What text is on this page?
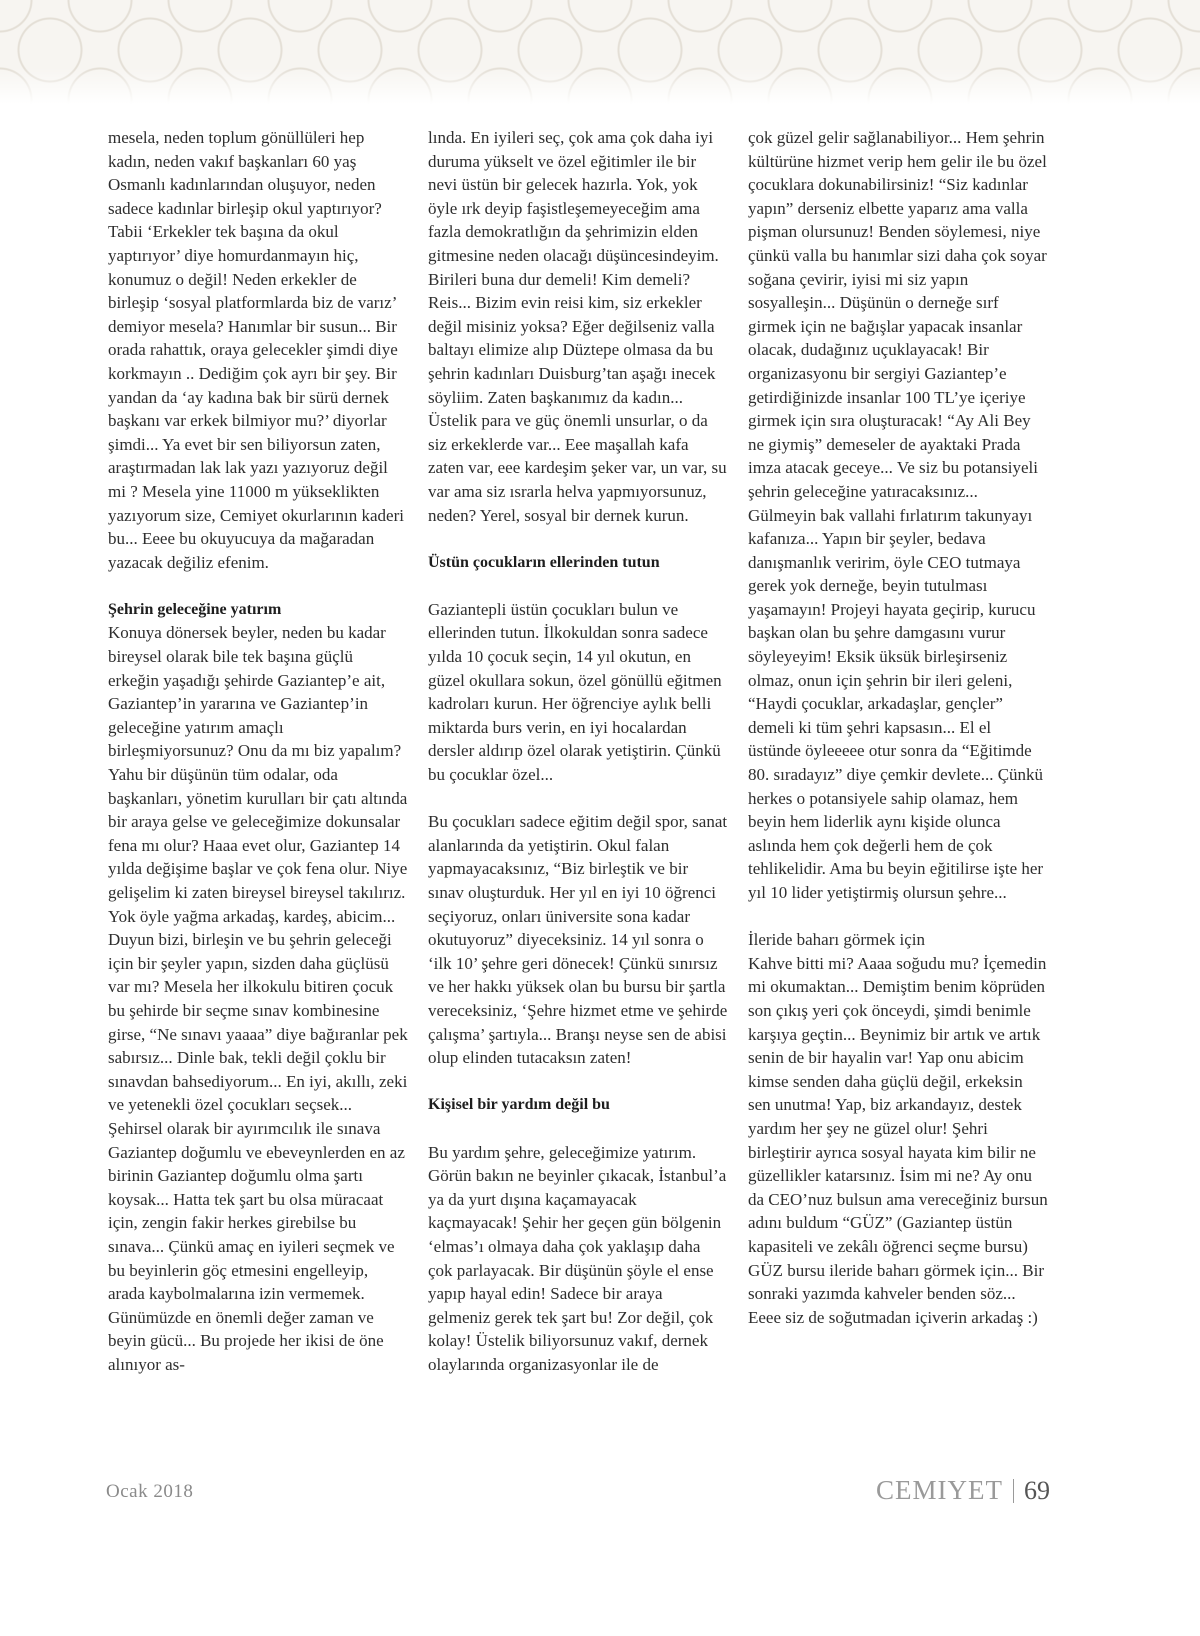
mesela, neden toplum gönüllüleri hep kadın, neden vakıf başkanları 60 yaş Osmanlı kadınlarından oluşuyor, neden sadece kadınlar birleşip okul yaptırıyor? Tabii ‘Erkekler tek başına da okul yaptırıyor’ diye homurdanmayın hiç, konumuz o değil! Neden erkekler de birleşip ‘sosyal platformlarda biz de varız’ demiyor mesela? Hanımlar bir susun... Bir orada rahattık, oraya gelecekler şimdi diye korkmayın .. Dediğim çok ayrı bir şey. Bir yandan da ‘ay kadına bak bir sürü dernek başkanı var erkek bilmiyor mu?’ diyorlar şimdi... Ya evet bir sen biliyorsun zaten, araştırmadan lak lak yazı yazıyoruz değil mi ? Mesela yine 11000 m yükseklikten yazıyorum size, Cemiyet okurlarının kaderi bu... Eeee bu okuyucuya da mağaradan yazacak değiliz efenim.

Şehrin geleceğine yatırım

Konuya dönersek beyler, neden bu kadar bireysel olarak bile tek başına güçlü erkeğin yaşadığı şehirde Gaziantep’e ait, Gaziantep’in yararına ve Gaziantep’in geleceğine yatırım amaçlı birleşmiyorsunuz? Onu da mı biz yapalım? Yahu bir düşünün tüm odalar, oda başkanları, yönetim kurulları bir çatı altında bir araya gelse ve geleceğimize dokunsalar fena mı olur? Haaa evet olur, Gaziantep 14 yılda değişime başlar ve çok fena olur. Niye gelişelim ki zaten bireysel bireysel takılırız. Yok öyle yağma arkadaş, kardeş, abicim... Duyun bizi, birleşin ve bu şehrin geleceği için bir şeyler yapın, sizden daha güçlüsü var mı? Mesela her ilkokulu bitiren çocuk bu şehirde bir seçme sınav kombinesine girse, “Ne sınavı yaaaa” diye bağıranlar pek sabırsız... Dinle bak, tekli değil çoklu bir sınavdan bahsediyorum... En iyi, akıllı, zeki ve yetenekli özel çocukları seçsek... Şehirsel olarak bir ayırımcılık ile sınava Gaziantep doğumlu ve ebeveynlerden en az birinin Gaziantep doğumlu olma şartı koysak... Hatta tek şart bu olsa müracaat için, zengin fakir herkes girebilse bu sınava... Çünkü amaç en iyileri seçmek ve bu beyinlerin göç etmesini engelleyip, arada kaybolmalarına izin vermemek. Günümüzde en önemli değer zaman ve beyin gücü... Bu projede her ikisi de öne alınıyor as-

lında. En iyileri seç, çok ama çok daha iyi duruma yükselt ve özel eğitimler ile bir nevi üstün bir gelecek hazırla. Yok, yok öyle ırk deyip faşistleşemeyeceğim ama fazla demokratlığın da şehrimizin elden gitmesine neden olacağı düşüncesindeyim. Birileri buna dur demeli! Kim demeli? Reis... Bizim evin reisi kim, siz erkekler değil misiniz yoksa? Eğer değilseniz valla baltayı elimize alıp Düztepe olmasa da bu şehrin kadınları Duisburg’tan aşağı inecek söyliim. Zaten başkanımız da kadın... Üstelik para ve güç önemli unsurlar, o da siz erkeklerde var... Eee maşallah kafa zaten var, eee kardeşim şeker var, un var, su var ama siz ısrarla helva yapmıyorsunuz, neden? Yerel, sosyal bir dernek kurun.

Üstün çocukların ellerinden tutun

Gaziantepli üstün çocukları bulun ve ellerinden tutun. İlkokuldan sonra sadece yılda 10 çocuk seçin, 14 yıl okutun, en güzel okullara sokun, özel gönüllü eğitmen kadroları kurun. Her öğrenciye aylık belli miktarda burs verin, en iyi hocalardan dersler aldırıp özel olarak yetiştirin. Çünkü bu çocuklar özel...

Bu çocukları sadece eğitim değil spor, sanat alanlarında da yetiştirin. Okul falan yapmayacaksınız, “Biz birleştik ve bir sınav oluşturduk. Her yıl en iyi 10 öğrenci seçiyoruz, onları üniversite sona kadar okutuyoruz” diyeceksiniz. 14 yıl sonra o ‘ilk 10’ şehre geri dönecek! Çünkü sınırsız ve her hakkı yüksek olan bu bursu bir şartla vereceksiniz, ‘Şehre hizmet etme ve şehirde çalışma’ şartıyla... Branşı neyse sen de abisi olup elinden tutacaksın zaten!

Kişisel bir yardım değil bu

Bu yardım şehre, geleceğimize yatırım. Görün bakın ne beyinler çıkacak, İstanbul’a ya da yurt dışına kaçamayacak kaçmayacak! Şehir her geçen gün bölgenin ‘elmas’ı olmaya daha çok yaklaşıp daha çok parlayacak. Bir düşünün şöyle el ense yapıp hayal edin! Sadece bir araya gelmeniz gerek tek şart bu! Zor değil, çok kolay! Üstelik biliyorsunuz vakıf, dernek olaylarında organizasyonlar ile de

çok güzel gelir sağlanabiliyor... Hem şehrin kültürüne hizmet verip hem gelir ile bu özel çocuklara dokunabilirsiniz! “Siz kadınlar yapın” derseniz elbette yaparız ama valla pişman olursunuz! Benden söylemesi, niye çünkü valla bu hanımlar sizi daha çok soyar soğana çevirir, iyisi mi siz yapın sosyalleşin... Düşünün o derneğe sırf girmek için ne bağışlar yapacak insanlar olacak, dudağınız uçuklayacak! Bir organizasyonu bir sergiyi Gaziantep’e getirdiğinizde insanlar 100 TL’ye içeriye girmek için sıra oluşturacak! “Ay Ali Bey ne giymiş” demeseler de ayaktaki Prada imza atacak geceye... Ve siz bu potansiyeli şehrin geleceğine yatıracaksınız... Gülmeyin bak vallahi fırlatırım takunyayı kafanıza... Yapın bir şeyler, bedava danışmanlık veririm, öyle CEO tutmaya gerek yok derneğe, beyin tutulması yaşamayın! Projeyi hayata geçirip, kurucu başkan olan bu şehre damgasını vurur söyleyeyim! Eksik üksük birleşirseniz olmaz, onun için şehrin bir ileri geleni, “Haydi çocuklar, arkadaşlar, gençler” demeli ki tüm şehri kapsasın... El el üstünde öyleeeee otur sonra da “Eğitimde 80. sıradayız” diye çemkir devlete... Çünkü herkes o potansiyele sahip olamaz, hem beyin hem liderlik aynı kişide olunca aslında hem çok değerli hem de çok tehlikelidir. Ama bu beyin eğitilirse işte her yıl 10 lider yetiştirmiş olursun şehre...

İleride baharı görmek için

Kahve bitti mi? Aaaa soğudu mu? İçemedin mi okumaktan... Demiştim benim köprüden son çıkış yeri çok önceydi, şimdi benimle karşıya geçtin... Beynimiz bir artık ve artık senin de bir hayalin var! Yap onu abicim kimse senden daha güçlü değil, erkeksin sen unutma! Yap, biz arkandayız, destek yardım her şey ne güzel olur! Şehri birleştirir ayrıca sosyal hayata kim bilir ne güzellikler katarsınız. İsim mi ne? Ay onu da CEO’nuz bulsun ama vereceğiniz bursun adını buldum “GÜZ” (Gaziantep üstün kapasiteli ve zekâlı öğrenci seçme bursu) GÜZ bursu ileride baharı görmek için... Bir sonraki yazımda kahveler benden söz... Eeee siz de soğutmadan içiverin arkadaş :)

Ocak 2018	CEMIYET 69
